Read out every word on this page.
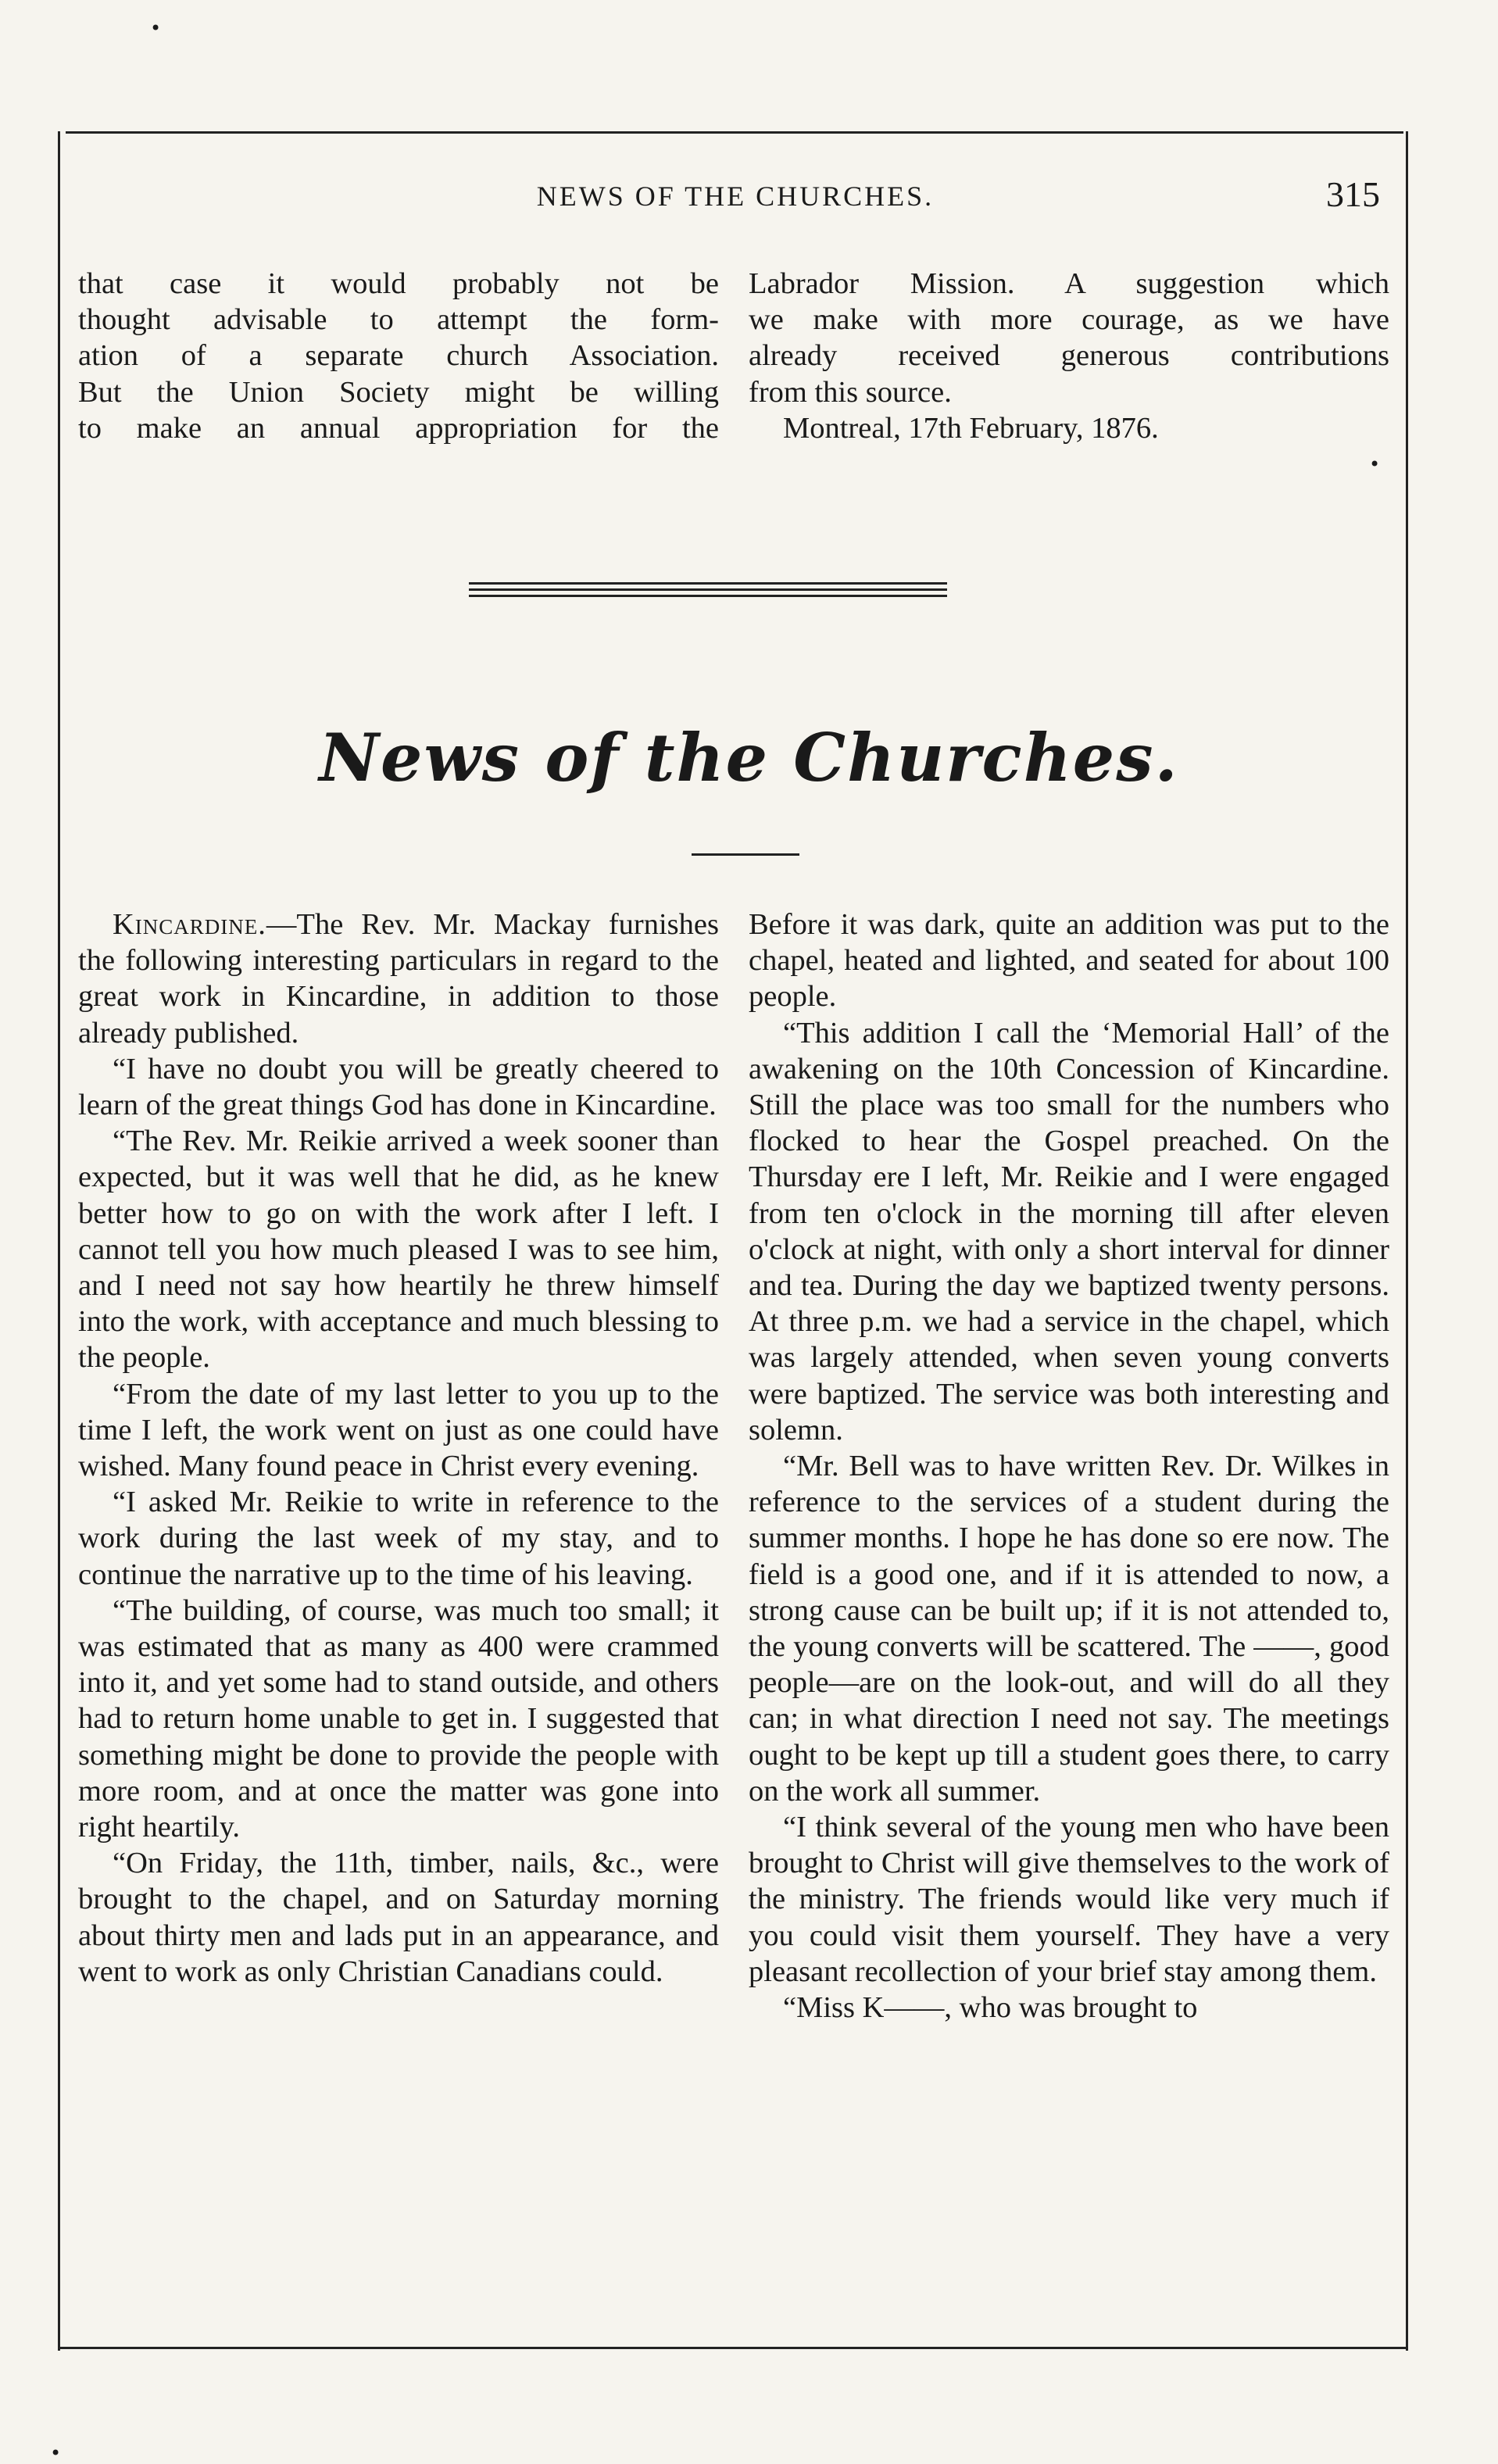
NEWS OF THE CHURCHES.	315

that case it would probably not be

thought advisable to attempt the form-

ation of a separate church Association.

But the Union Society might be willing

to make an annual appropriation for the

Labrador Mission. A suggestion which

we make with more courage, as we have

already received generous contributions

from this source.

Montreal, 17th February, 1876.

News of the Churches.

Kincardine.—The Rev. Mr. Mackay furnishes the following interesting particulars in regard to the great work in Kincardine, in addition to those already published.

“I have no doubt you will be greatly cheered to learn of the great things God has done in Kincardine.

“The Rev. Mr. Reikie arrived a week sooner than expected, but it was well that he did, as he knew better how to go on with the work after I left. I cannot tell you how much pleased I was to see him, and I need not say how heartily he threw himself into the work, with acceptance and much blessing to the people.

“From the date of my last letter to you up to the time I left, the work went on just as one could have wished. Many found peace in Christ every evening.

“I asked Mr. Reikie to write in reference to the work during the last week of my stay, and to continue the narrative up to the time of his leaving.

“The building, of course, was much too small; it was estimated that as many as 400 were crammed into it, and yet some had to stand outside, and others had to return home unable to get in. I suggested that something might be done to provide the people with more room, and at once the matter was gone into right heartily.

“On Friday, the 11th, timber, nails, &c., were brought to the chapel, and on Saturday morning about thirty men and lads put in an appearance, and went to work as only Christian Canadians could.

Before it was dark, quite an addition was put to the chapel, heated and lighted, and seated for about 100 people.

“This addition I call the ‘Memorial Hall’ of the awakening on the 10th Concession of Kincardine. Still the place was too small for the numbers who flocked to hear the Gospel preached. On the Thursday ere I left, Mr. Reikie and I were engaged from ten o'clock in the morning till after eleven o'clock at night, with only a short interval for dinner and tea. During the day we baptized twenty persons. At three p.m. we had a service in the chapel, which was largely attended, when seven young converts were baptized. The service was both interesting and solemn.

“Mr. Bell was to have written Rev. Dr. Wilkes in reference to the services of a student during the summer months. I hope he has done so ere now. The field is a good one, and if it is attended to now, a strong cause can be built up; if it is not attended to, the young converts will be scattered. The ——, good people—are on the look-out, and will do all they can; in what direction I need not say. The meetings ought to be kept up till a student goes there, to carry on the work all summer.

“I think several of the young men who have been brought to Christ will give themselves to the work of the ministry. The friends would like very much if you could visit them yourself. They have a very pleasant recollection of your brief stay among them.

“Miss K——, who was brought to

•
•
•
